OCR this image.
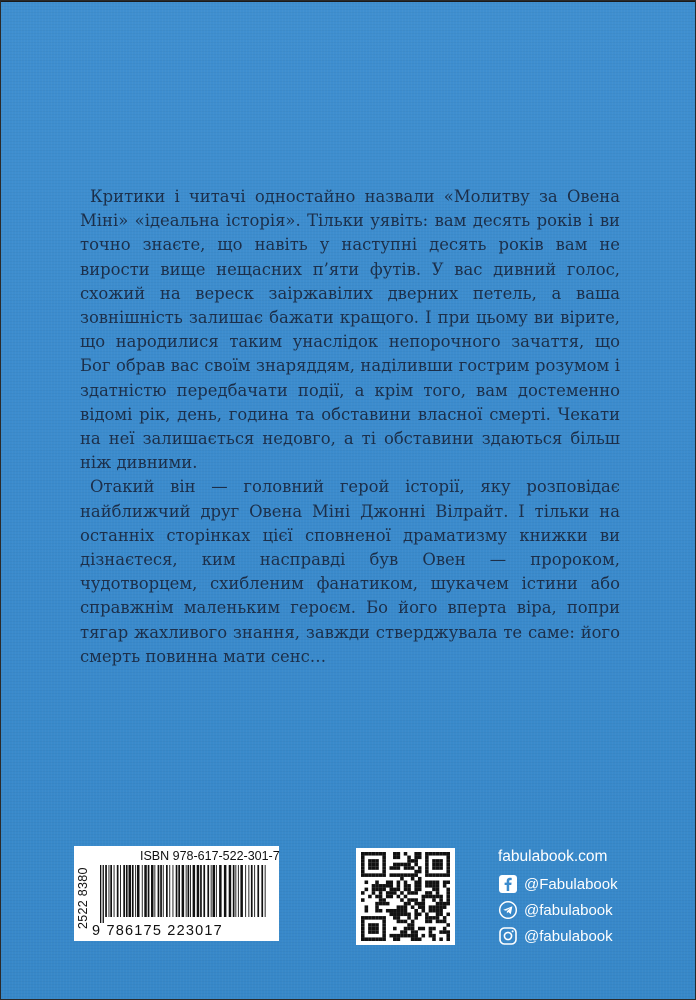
Критики і читачі одностайно назвали «Молитву за Овена Міні» «ідеальна історія». Тільки уявіть: вам десять років і ви точно знаєте, що навіть у наступні десять років вам не вирости вище нещасних п’яти футів. У вас дивний голос, схожий на вереск заіржавілих дверних петель, а ваша зовнішність залишає бажати кращого. І при цьому ви вірите, що народилися таким унаслідок непорочного зачаття, що Бог обрав вас своїм знаряддям, наділивши гострим розумом і здатністю передбачати події, а крім того, вам достеменно відомі рік, день, година та обставини власної смерті. Чекати на неї залишається недовго, а ті обставини здаються більш ніж дивними.

Отакий він — головний герой історії, яку розповідає найближчий друг Овена Міні Джонні Вілрайт. І тільки на останніх сторінках цієї сповненої драматизму книжки ви дізнаєтеся, ким насправді був Овен — пророком, чудотворцем, схибленим фанатиком, шукачем істини або справжнім маленьким героєм. Бо його вперта віра, попри тягар жахливого знання, завжди стверджувала те саме: його смерть повинна мати сенс…

2522 8380
ISBN 978-617-522-301-7
9 786175 223017
fabulabook.com
@Fabulabook
@fabulabook
@fabulabook
